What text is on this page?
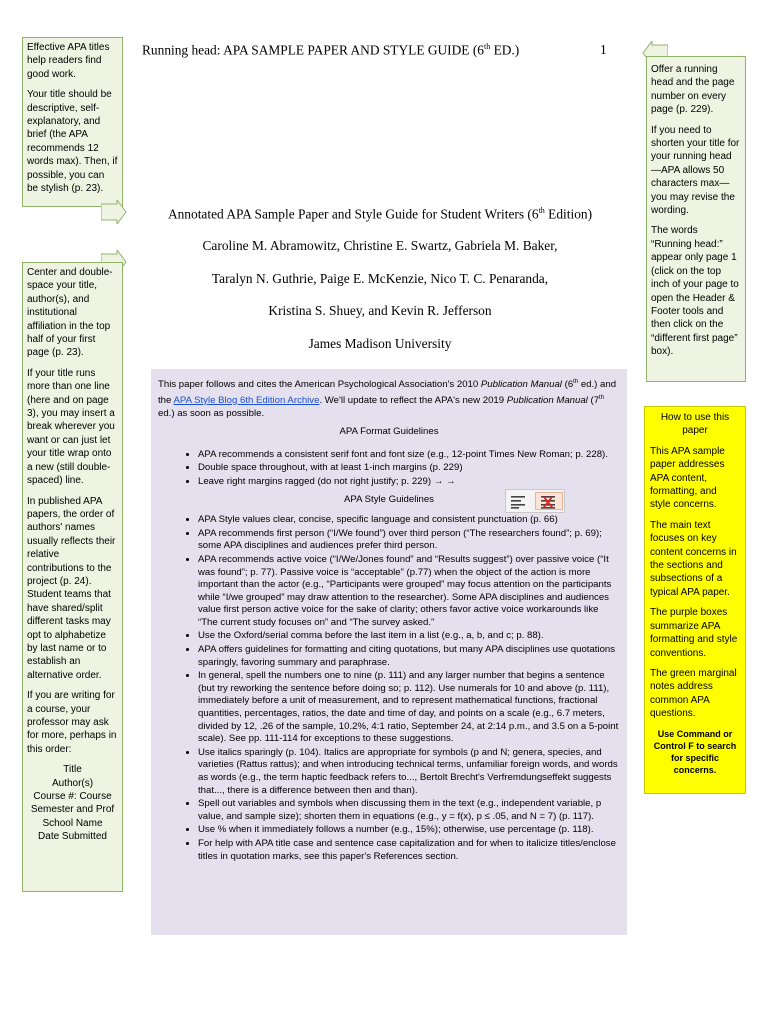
Running head: APA SAMPLE PAPER AND STYLE GUIDE (6th ED.)	1

Effective APA titles help readers find good work.

Your title should be descriptive, self-explanatory, and brief (the APA recommends 12 words max). Then, if possible, you can be stylish (p. 23).

Center and double-space your title, author(s), and institutional affiliation in the top half of your first page (p. 23).

If your title runs more than one line (here and on page 3), you may insert a break wherever you want or can just let your title wrap onto a new (still double-spaced) line.

In published APA papers, the order of authors' names usually reflects their relative contributions to the project (p. 24). Student teams that have shared/split different tasks may opt to alphabetize by last name or to establish an alternative order.

If you are writing for a course, your professor may ask for more, perhaps in this order:

Title
Author(s)
Course #: Course
Semester and Prof
School Name
Date Submitted

Offer a running head and the page number on every page (p. 229).

If you need to shorten your title for your running head—APA allows 50 characters max—you may revise the wording.

The words “Running head:” appear only page 1 (click on the top inch of your page to open the Header & Footer tools and then click on the “different first page” box).

Annotated APA Sample Paper and Style Guide for Student Writers (6th Edition)
Caroline M. Abramowitz, Christine E. Swartz, Gabriela M. Baker,
Taralyn N. Guthrie, Paige E. McKenzie, Nico T. C. Penaranda,
Kristina S. Shuey, and Kevin R. Jefferson
James Madison University

How to use this paper

This APA sample paper addresses APA content, formatting, and style concerns.

The main text focuses on key content concerns in the sections and subsections of a typical APA paper.

The purple boxes summarize APA formatting and style conventions.

The green marginal notes address common APA questions.

Use Command or Control F to search for specific concerns.

This paper follows and cites the American Psychological Association's 2010 Publication Manual (6th ed.) and the APA Style Blog 6th Edition Archive. We'll update to reflect the APA's new 2019 Publication Manual (7th ed.) as soon as possible.
APA Format Guidelines
• APA recommends a consistent serif font and font size (e.g., 12-point Times New Roman; p. 228).
• Double space throughout, with at least 1-inch margins (p. 229)
• Leave right margins ragged (do not right justify; p. 229) → →
APA Style Guidelines
• APA Style values clear, concise, specific language and consistent punctuation (p. 66)
• APA recommends first person (“I/We found”) over third person (“The researchers found”; p. 69); some APA disciplines and audiences prefer third person.
• APA recommends active voice (“I/We/Jones found” and “Results suggest”) over passive voice (“It was found”; p. 77). Passive voice is “acceptable” (p.77) when the object of the action is more important than the actor (e.g., “Participants were grouped” may focus attention on the participants while “I/we grouped” may draw attention to the researcher). Some APA disciplines and audiences value first person active voice for the sake of clarity; others favor active voice workarounds like “The current study focuses on” and “The survey asked.”
• Use the Oxford/serial comma before the last item in a list (e.g., a, b, and c; p. 88).
• APA offers guidelines for formatting and citing quotations, but many APA disciplines use quotations sparingly, favoring summary and paraphrase.
• In general, spell the numbers one to nine (p. 111) and any larger number that begins a sentence (but try reworking the sentence before doing so; p. 112). Use numerals for 10 and above (p. 111), immediately before a unit of measurement, and to represent mathematical functions, fractional quantities, percentages, ratios, the date and time of day, and points on a scale (e.g., 6.7 meters, divided by 12, .26 of the sample, 10.2%, 4:1 ratio, September 24, at 2:14 p.m., and 3.5 on a 5-point scale). See pp. 111-114 for exceptions to these suggestions.
• Use italics sparingly (p. 104). Italics are appropriate for symbols (p and N; genera, species, and varieties (Rattus rattus); and when introducing technical terms, unfamiliar foreign words, and words as words (e.g., the term haptic feedback refers to..., Bertolt Brecht's Verfremdungseffekt suggests that..., there is a difference between then and than).
• Spell out variables and symbols when discussing them in the text (e.g., independent variable, p value, and sample size); shorten them in equations (e.g., y = f(x), p ≤ .05, and N = 7) (p. 117).
• Use % when it immediately follows a number (e.g., 15%); otherwise, use percentage (p. 118).
• For help with APA title case and sentence case capitalization and for when to italicize titles/enclose titles in quotation marks, see this paper's References section.
